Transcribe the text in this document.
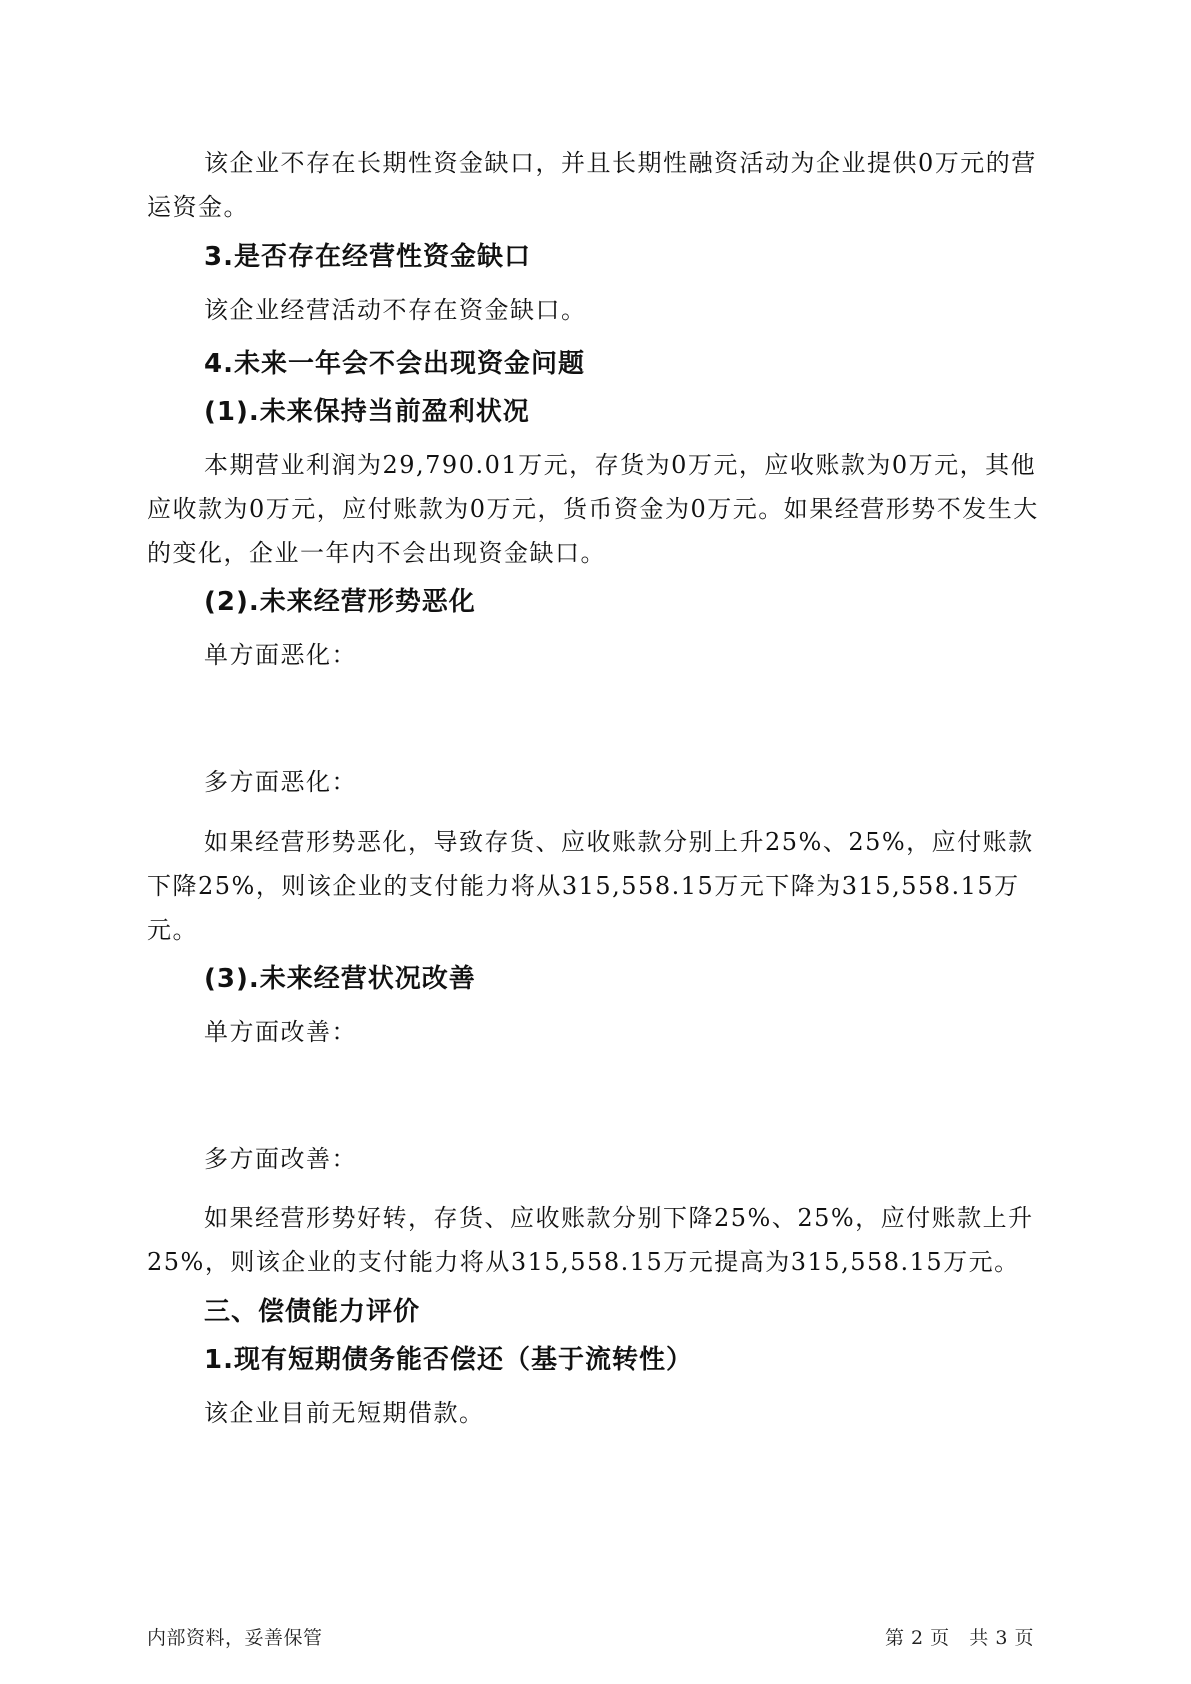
该企业不存在长期性资金缺口，并且长期性融资活动为企业提供0万元的营运资金。
3.是否存在经营性资金缺口
该企业经营活动不存在资金缺口。
4.未来一年会不会出现资金问题
(1).未来保持当前盈利状况
本期营业利润为29,790.01万元，存货为0万元，应收账款为0万元，其他应收款为0万元，应付账款为0万元，货币资金为0万元。如果经营形势不发生大的变化，企业一年内不会出现资金缺口。
(2).未来经营形势恶化
单方面恶化：
多方面恶化：
如果经营形势恶化，导致存货、应收账款分别上升25%、25%，应付账款下降25%，则该企业的支付能力将从315,558.15万元下降为315,558.15万元。
(3).未来经营状况改善
单方面改善：
多方面改善：
如果经营形势好转，存货、应收账款分别下降25%、25%，应付账款上升25%，则该企业的支付能力将从315,558.15万元提高为315,558.15万元。
三、偿债能力评价
1.现有短期债务能否偿还（基于流转性）
该企业目前无短期借款。
内部资料，妥善保管	第 2 页   共 3 页
